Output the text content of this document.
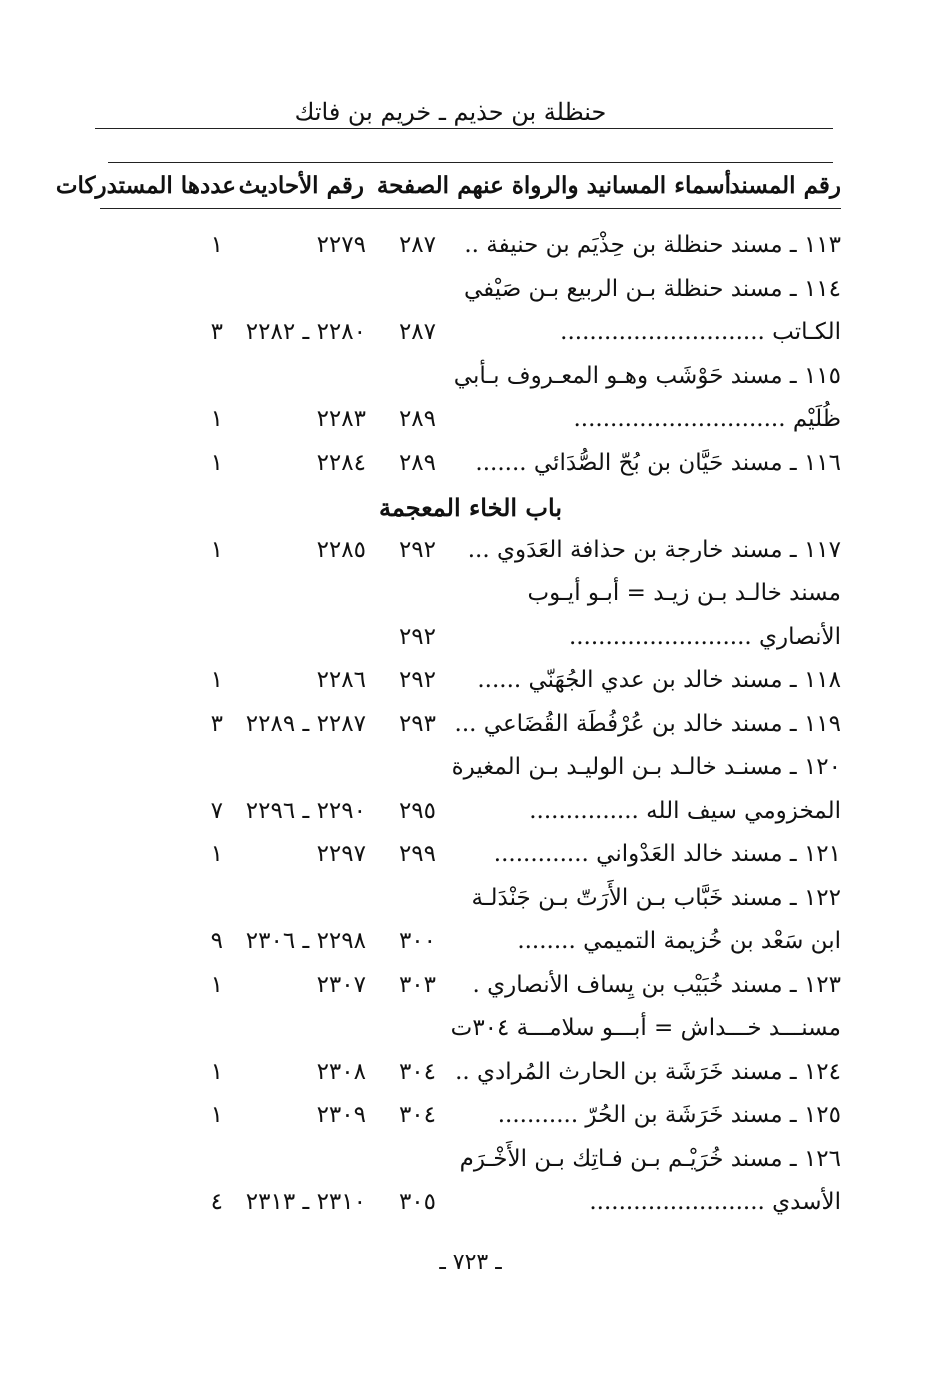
حنظلة بن حذيم ـ خريم بن فاتك
رقم المسند
أسماء المسانيد والرواة عنهم
الصفحة
رقم الأحاديث
عددها المستدركات
١١٣ ـ مسند حنظلة بن حِذْيَم بن حنيفة ..
٢٨٧
٢٢٧٩
١
١١٤ ـ مسند حنظلة بـن الربيع بـن صَيْفي
الكـاتب ............................
٢٨٧
٢٢٨٠ ـ ٢٢٨٢
٣
١١٥ ـ مسند حَوْشَب وهـو المعـروف بـأبي
ظُلَيْم .............................
٢٨٩
٢٢٨٣
١
١١٦ ـ مسند حَيَّان بن بُحّ الصُّدَائي .......
٢٨٩
٢٢٨٤
١
باب الخاء المعجمة
١١٧ ـ مسند خارجة بن حذافة العَدَوي ...
٢٩٢
٢٢٨٥
١
مسند خالـد بـن زيـد = أبـو أيـوب
الأنصاري .........................
٢٩٢
١١٨ ـ مسند خالد بن عدي الجُهَنّي ......
٢٩٢
٢٢٨٦
١
١١٩ ـ مسند خالد بن عُرْفُطَة القُضَاعي ...
٢٩٣
٢٢٨٧ ـ ٢٢٨٩
٣
١٢٠ ـ مسنـد خالـد بـن الوليـد بـن المغيرة
المخزومي سيف الله ...............
٢٩٥
٢٢٩٠ ـ ٢٢٩٦
٧
١٢١ ـ مسند خالد العَدْواني .............
٢٩٩
٢٢٩٧
١
١٢٢ ـ مسند خَبَّاب بـن الأَرَتّ بـن جَنْدَلـة
ابن سَعْد بن خُزيمة التميمي ........
٣٠٠
٢٢٩٨ ـ ٢٣٠٦
٩
١٢٣ ـ مسند خُبَيْب بن يِساف الأنصاري .
٣٠٣
٢٣٠٧
١
مسنـــد خـــداش = أبـــو سلامـــة ٣٠٤ت
١٢٤ ـ مسند خَرَشَة بن الحارث المُرادي ..
٣٠٤
٢٣٠٨
١
١٢٥ ـ مسند خَرَشَة بن الحُرّ ...........
٣٠٤
٢٣٠٩
١
١٢٦ ـ مسند خُرَيْـم بـن فـاتِك بـن الأَخْـرَم
الأسدي ........................
٣٠٥
٢٣١٠ ـ ٢٣١٣
٤
ـ ٧٢٣ ـ
